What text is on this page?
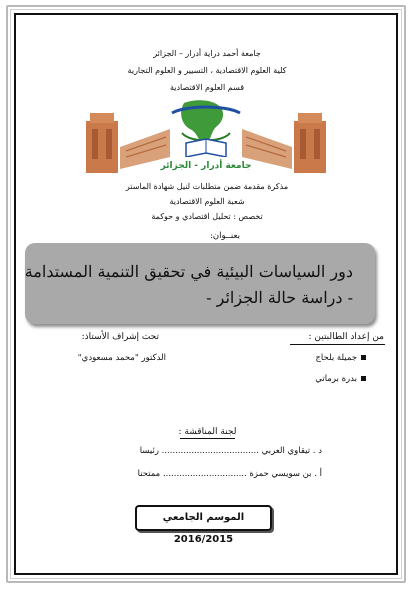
جامعة أحمد دراية أدرار – الجزائر
كلية العلوم الاقتصادية ، التسيير و العلوم التجارية
قسم العلوم الاقتصادية
جامعة أدرار - الجزائر
مذكرة مقدمة ضمن متطلبات لنيل شهادة الماستر
شعبة العلوم الاقتصادية
تخصص : تحليل اقتصادي و حوكمة
بعنــوان:
دور السياسات البيئية في تحقيق التنمية المستدامة
- دراسة حالة الجزائر -
من إعداد الطالبتين :
جميلة بلحاج
بدرة برماتي
تحت إشراف الأستاذ:
الدكتور "محمد مسعودي"
لجنة المناقشة :
د . تيقاوي العربي .................................... رئيسا
أ . بن سويسي حمزة ............................... ممتحنا
الموسم الجامعي 2016/2015
